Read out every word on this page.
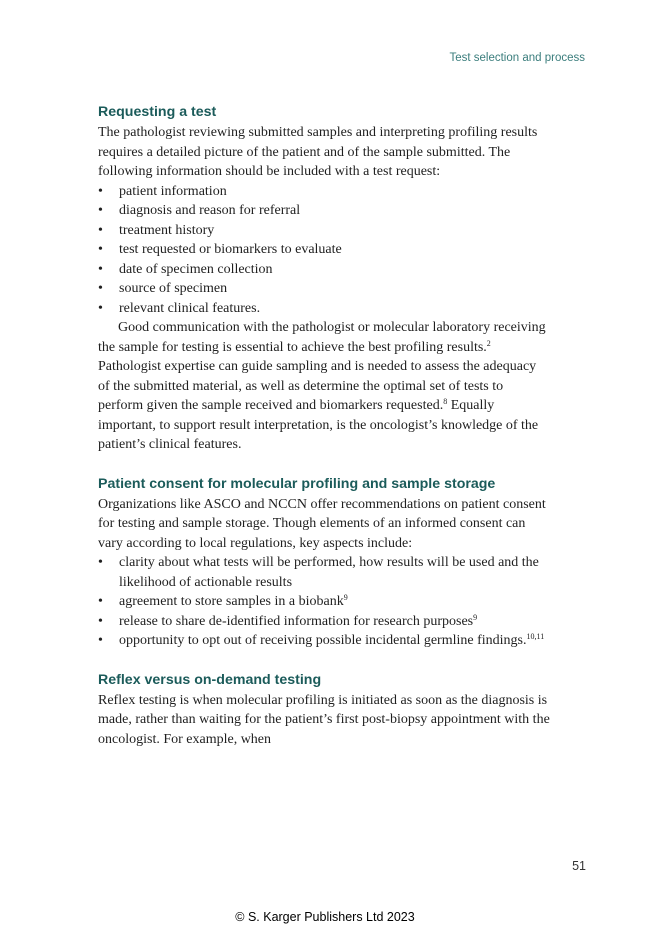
Test selection and process
Requesting a test

The pathologist reviewing submitted samples and interpreting profiling results requires a detailed picture of the patient and of the sample submitted. The following information should be included with a test request:

• patient information
• diagnosis and reason for referral
• treatment history
• test requested or biomarkers to evaluate
• date of specimen collection
• source of specimen
• relevant clinical features.

Good communication with the pathologist or molecular laboratory receiving the sample for testing is essential to achieve the best profiling results.$^2$ Pathologist expertise can guide sampling and is needed to assess the adequacy of the submitted material, as well as determine the optimal set of tests to perform given the sample received and biomarkers requested.$^8$ Equally important, to support result interpretation, is the oncologist’s knowledge of the patient’s clinical features.

Patient consent for molecular profiling and sample storage

Organizations like ASCO and NCCN offer recommendations on patient consent for testing and sample storage. Though elements of an informed consent can vary according to local regulations, key aspects include:

• clarity about what tests will be performed, how results will be used and the likelihood of actionable results
• agreement to store samples in a biobank$^9$
• release to share de-identified information for research purposes$^9$
• opportunity to opt out of receiving possible incidental germline findings.$^{10,11}$
Reflex versus on-demand testing

Reflex testing is when molecular profiling is initiated as soon as the diagnosis is made, rather than waiting for the patient’s first post-biopsy appointment with the oncologist. For example, when

51
© S. Karger Publishers Ltd 2023
